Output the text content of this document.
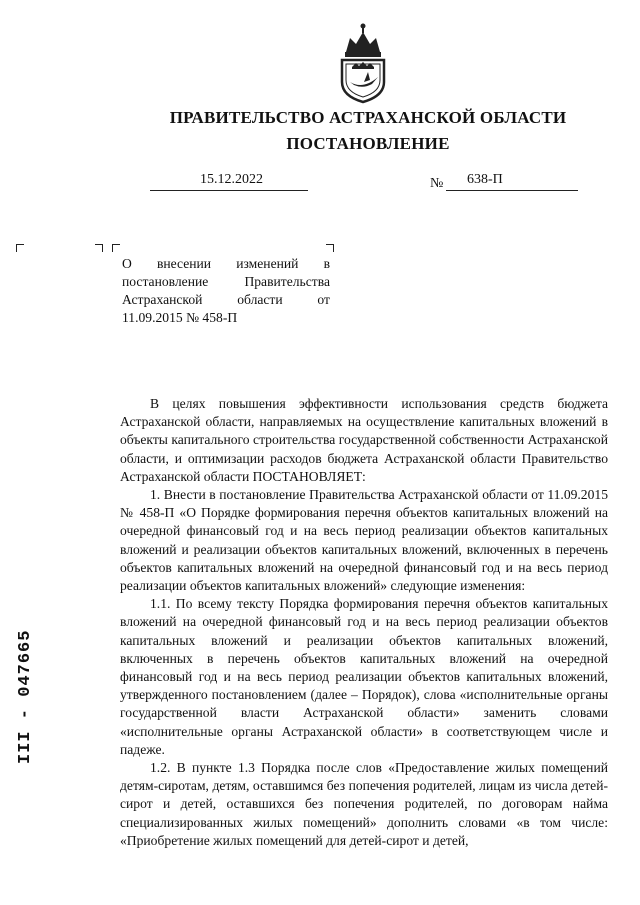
ПРАВИТЕЛЬСТВО АСТРАХАНСКОЙ ОБЛАСТИ
ПОСТАНОВЛЕНИЕ
15.12.2022	№ 638-П
О внесении изменений в постановление Правительства Астраханской области от 11.09.2015 № 458-П

В целях повышения эффективности использования средств бюджета Астраханской области, направляемых на осуществление капитальных вложений в объекты капитального строительства государственной собственности Астраханской области, и оптимизации расходов бюджета Астраханской области Правительство Астраханской области ПОСТАНОВЛЯЕТ:

1. Внести в постановление Правительства Астраханской области от 11.09.2015 № 458-П «О Порядке формирования перечня объектов капитальных вложений на очередной финансовый год и на весь период реализации объектов капитальных вложений и реализации объектов капитальных вложений, включенных в перечень объектов капитальных вложений на очередной финансовый год и на весь период реализации объектов капитальных вложений» следующие изменения:

1.1. По всему тексту Порядка формирования перечня объектов капитальных вложений на очередной финансовый год и на весь период реализации объектов капитальных вложений и реализации объектов капитальных вложений, включенных в перечень объектов капитальных вложений на очередной финансовый год и на весь период реализации объектов капитальных вложений, утвержденного постановлением (далее – Порядок), слова «исполнительные органы государственной власти Астраханской области» заменить словами «исполнительные органы Астраханской области» в соответствующем числе и падеже.

1.2. В пункте 1.3 Порядка после слов «Предоставление жилых помещений детям-сиротам, детям, оставшимся без попечения родителей, лицам из числа детей-сирот и детей, оставшихся без попечения родителей, по договорам найма специализированных жилых помещений» дополнить словами «в том числе: «Приобретение жилых помещений для детей-сирот и детей,

III - 047665
